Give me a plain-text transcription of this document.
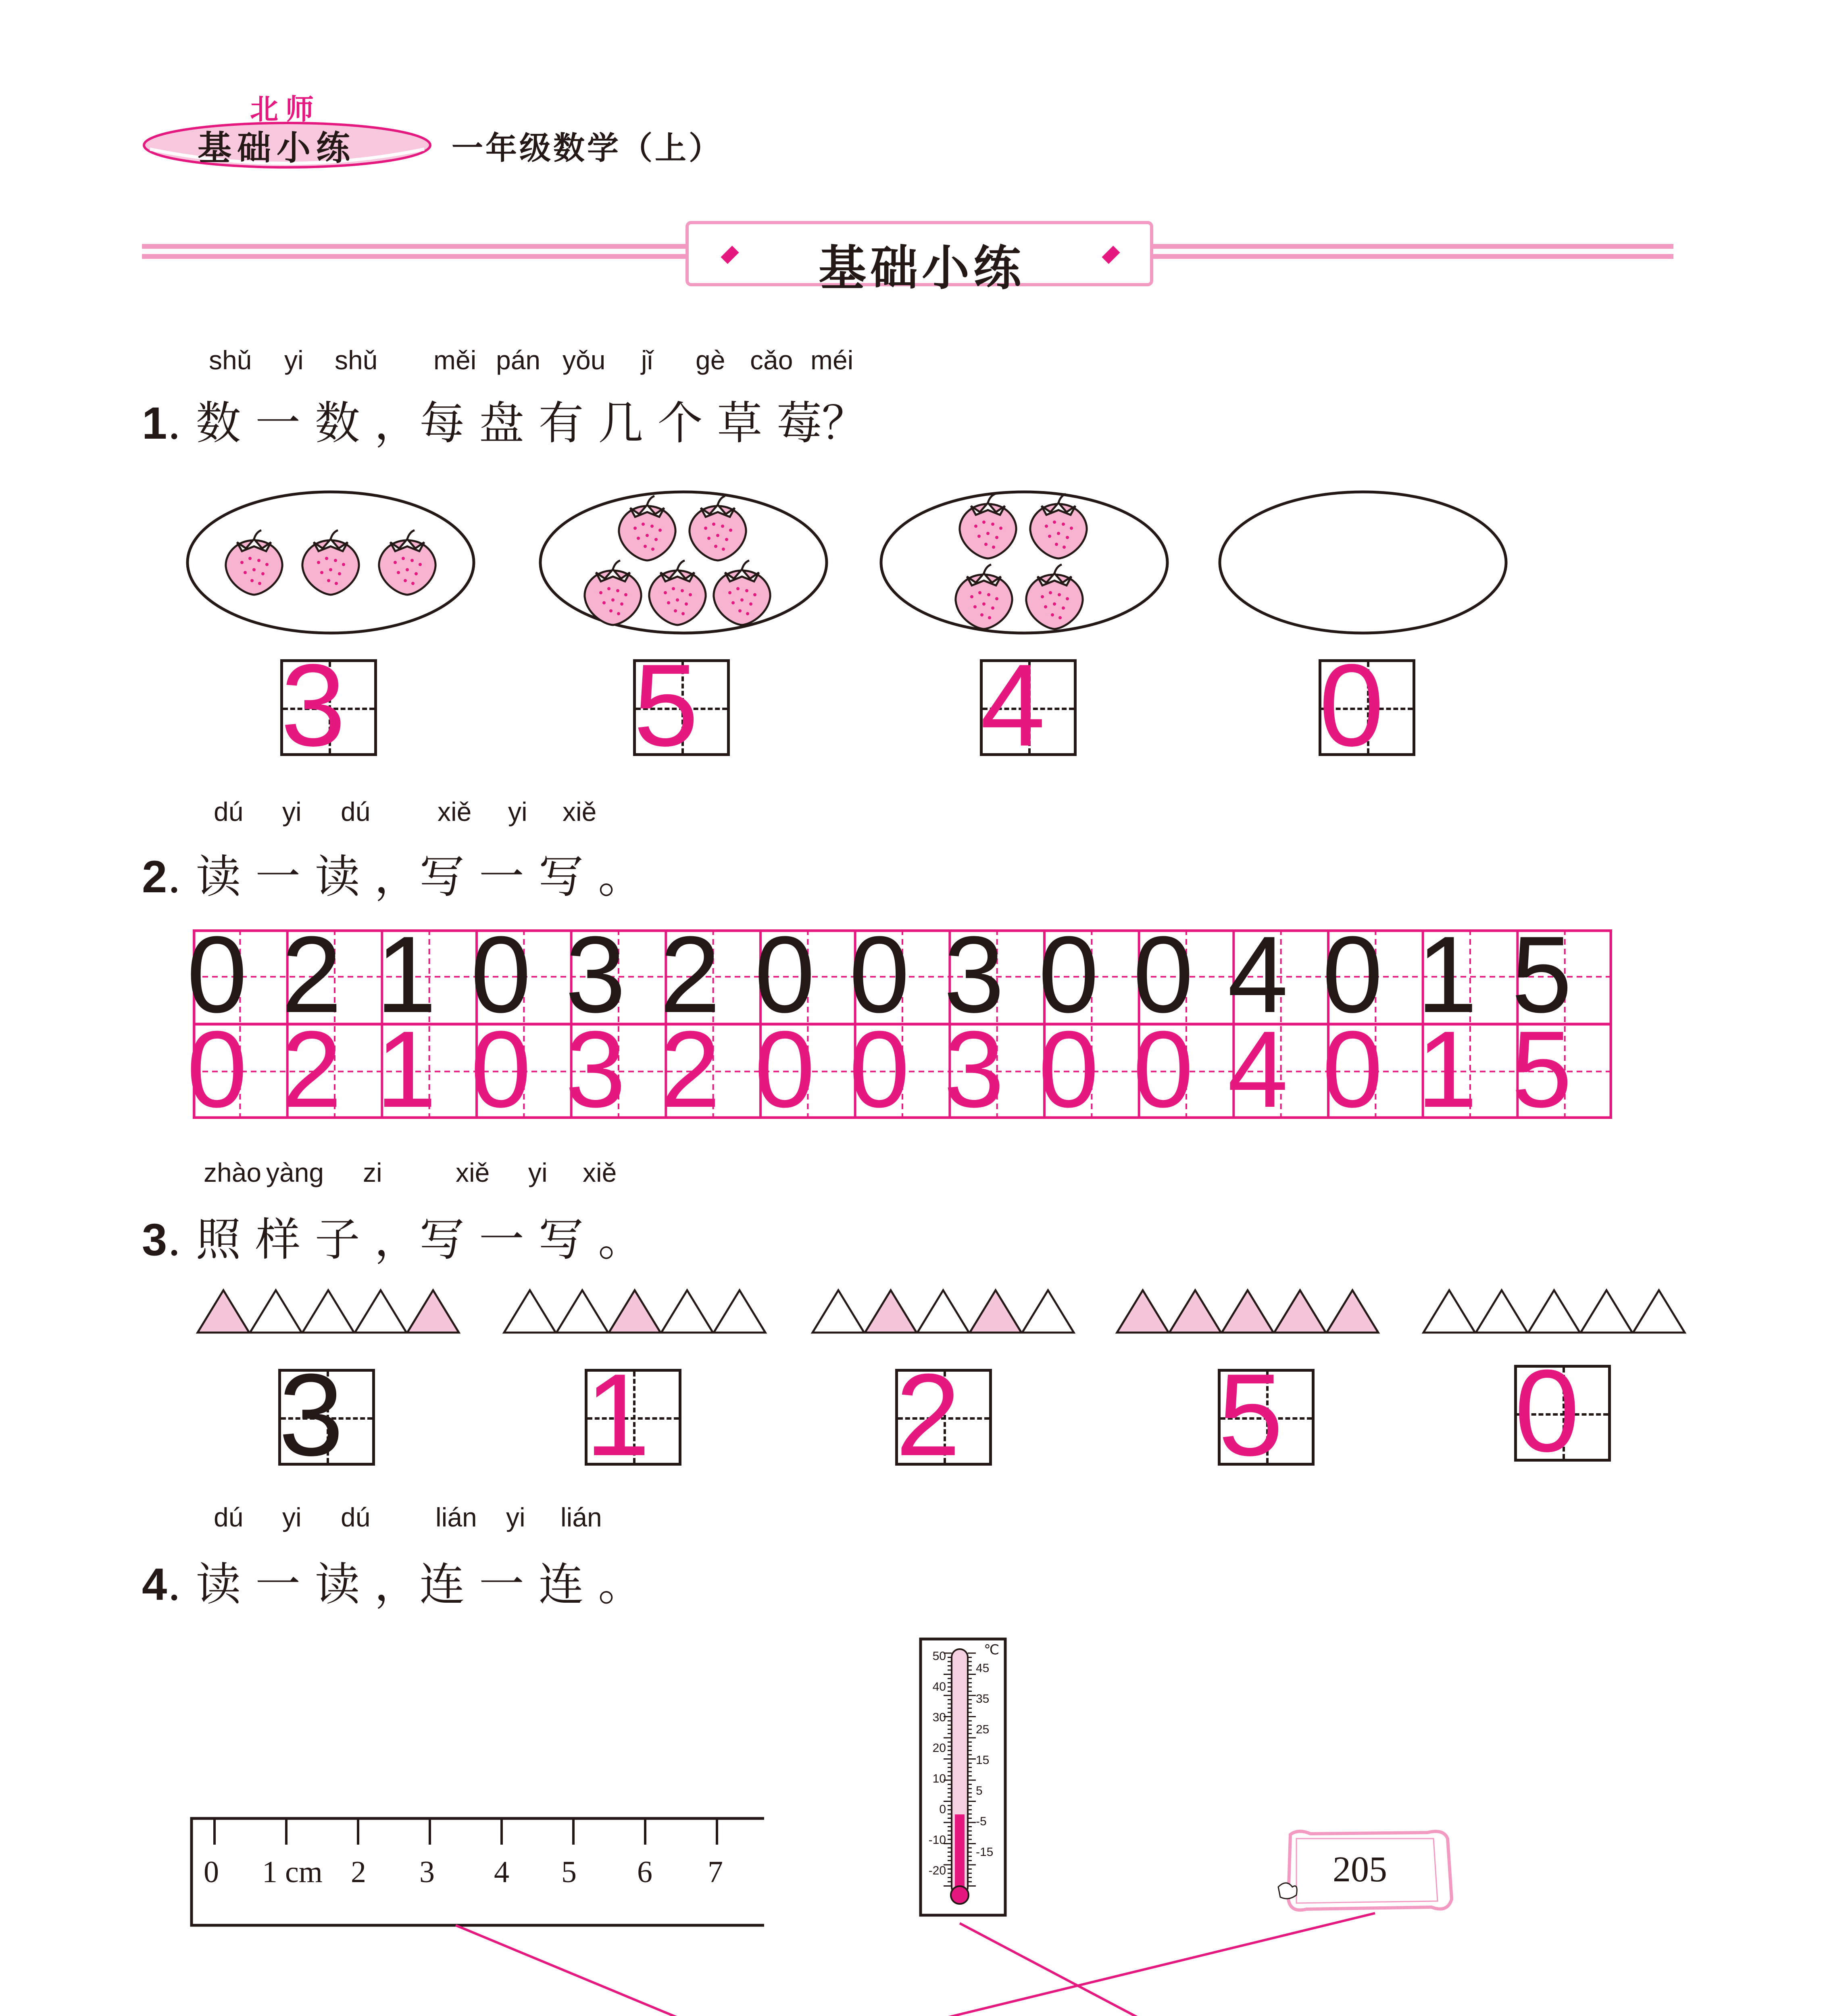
北师
基础小练	一年级数学（上）
基础小练
shǔ yi shǔ měi pán yǒu jǐ gè cǎo méi
1. 数 一 数 ，每 盘 有 几 个 草 莓？
3 5 4 0
dú yi dú	xiě yi xiě
2. 读 一 读 ，写 一 写 。
0 2 1 0 3 2 0 0 3 0 0 4 0 1 5
0 2 1 0 3 2 0 0 3 0 0 4 0 1 5
zhào yàng zi	xiě yi xiě
3. 照 样 子 ，写 一 写 。
3 1 2 5 0
dú yi dú lián yi lián
4. 读 一 读 ，连 一 连 。
0 1 cm 2 3 4 5 6 7
50
40
30
20
10
0
-10
-20
45
35
25
15
5
-5
-15
℃
205
